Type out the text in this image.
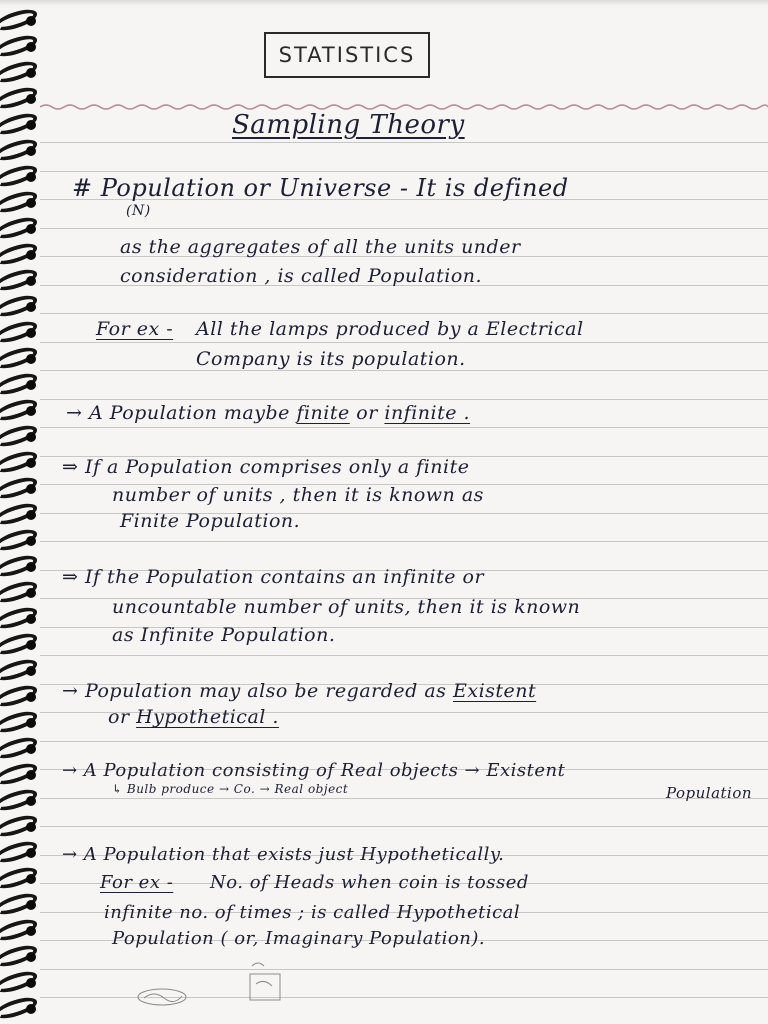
STATISTICS
Sampling Theory
# Population or Universe - It is defined
(N)
as the aggregates of all the units under
consideration , is called Population.
For ex - All the lamps produced by a Electrical
Company is its population.
→ A Population maybe finite or infinite .
⇒ If a Population comprises only a finite
number of units , then it is known as
Finite Population.
⇒ If the Population contains an infinite or
uncountable number of units, then it is known
as Infinite Population.
→ Population may also be regarded as Existent
or Hypothetical .
→ A Population consisting of Real objects → Existent
↳ Bulb produce → Co. → Real object	Population
→ A Population that exists just Hypothetically.
For ex - No. of Heads when coin is tossed
infinite no. of times ; is called Hypothetical
Population ( or, Imaginary Population).
